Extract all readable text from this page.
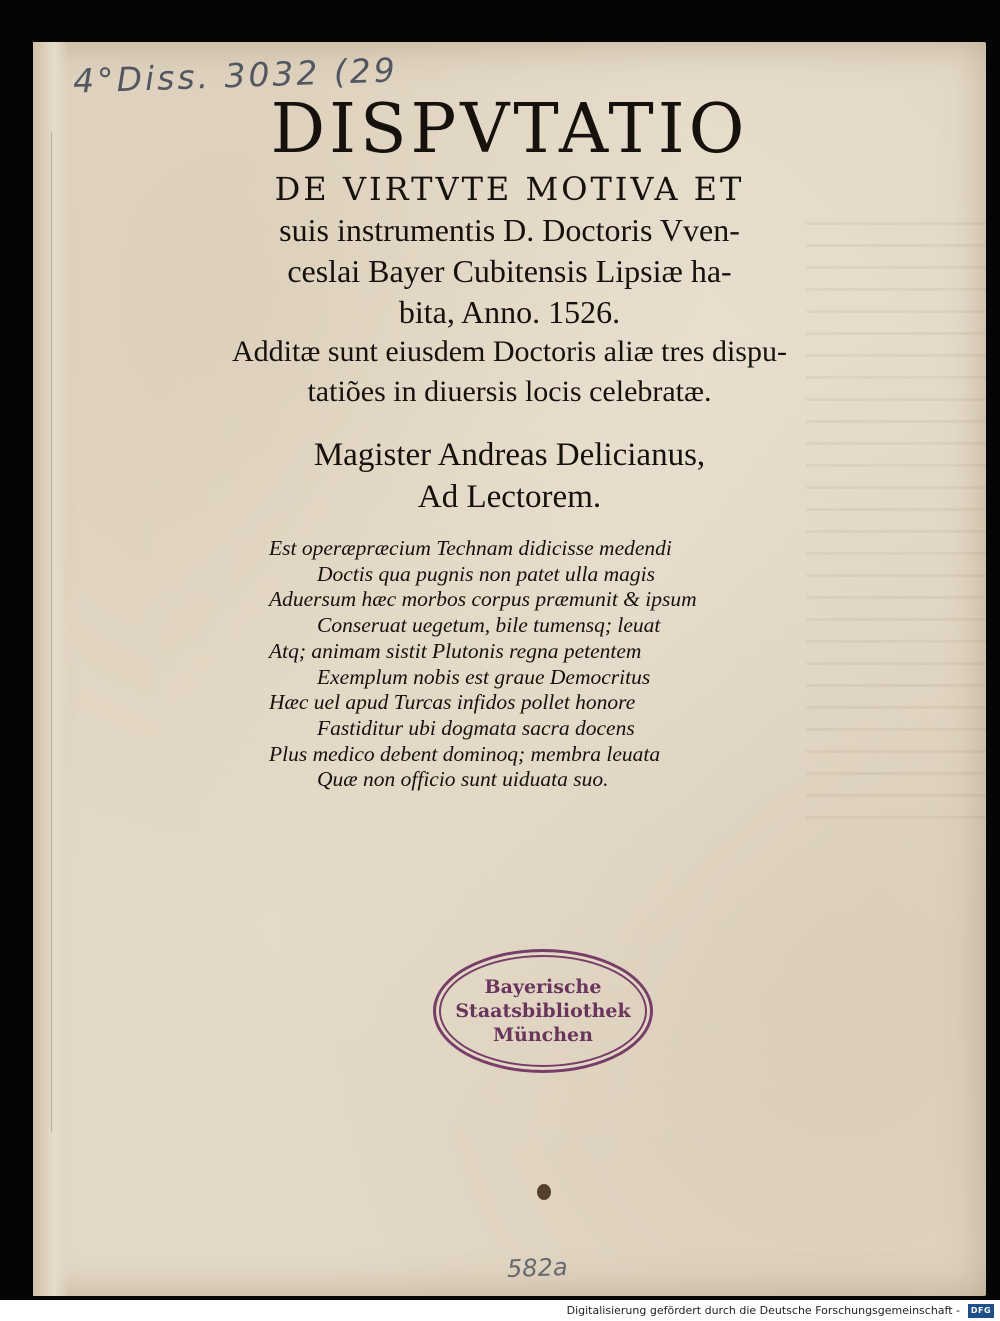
4°Diss. 3032 (29

DISPVTATIO

DE VIRTVTE MOTIVA ET

suis instrumentis D. Doctoris Vven-

ceslai Bayer Cubitensis Lipsiæ ha-

bita, Anno. 1526.

Additæ sunt eiusdem Doctoris aliæ tres dispu-

tatiões in diuersis locis celebratæ.

Magister Andreas Delicianus,

Ad Lectorem.

Est operæpræcium Technam didicisse medendi

Doctis qua pugnis non patet ulla magis

Aduersum hæc morbos corpus præmunit & ipsum

Conseruat uegetum, bile tumensq; leuat

Atq; animam sistit Plutonis regna petentem

Exemplum nobis est graue Democritus

Hæc uel apud Turcas infidos pollet honore

Fastiditur ubi dogmata sacra docens

Plus medico debent dominoq; membra leuata

Quæ non officio sunt uiduata suo.

Bayerische
Staatsbibliothek
München
582a
Digitalisierung gefördert durch die Deutsche Forschungsgemeinschaft -	DFG
